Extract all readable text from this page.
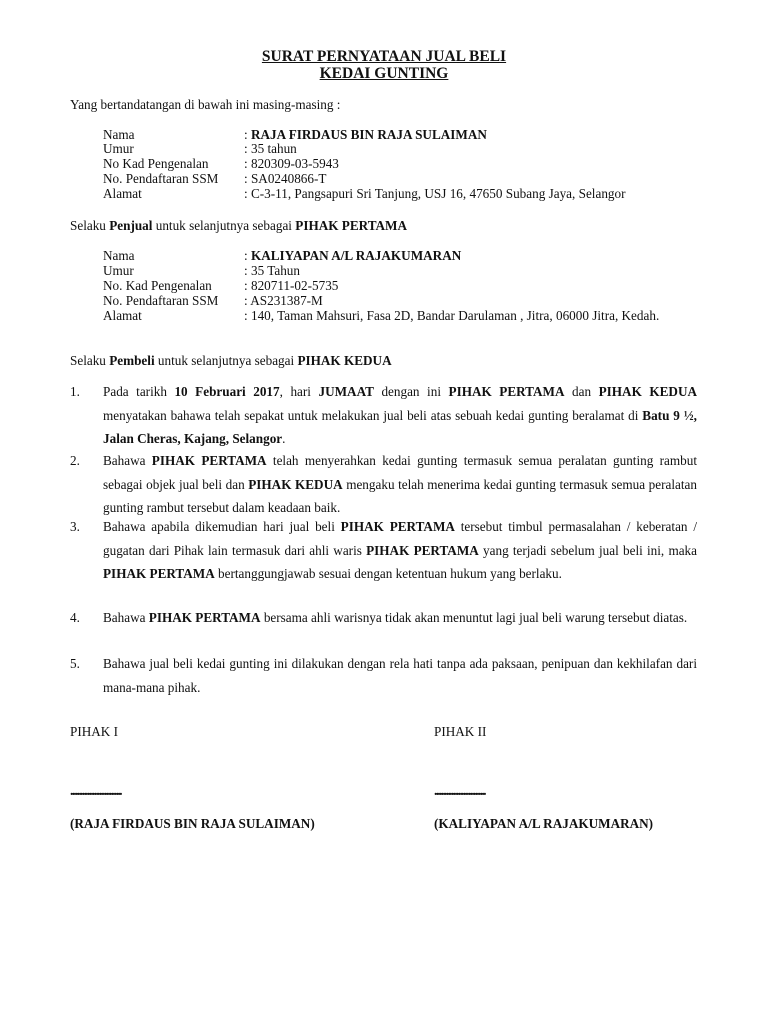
SURAT PERNYATAAN JUAL BELI
KEDAI GUNTING
Yang bertandatangan di bawah ini masing-masing :
Nama	: RAJA FIRDAUS BIN RAJA SULAIMAN
Umur	: 35 tahun
No Kad Pengenalan	: 820309-03-5943
No. Pendaftaran SSM : SA0240866-T
Alamat	: C-3-11, Pangsapuri Sri Tanjung, USJ 16, 47650 Subang Jaya, Selangor
Selaku Penjual untuk selanjutnya sebagai PIHAK PERTAMA
Nama	: KALIYAPAN A/L RAJAKUMARAN
Umur	: 35 Tahun
No. Kad Pengenalan : 820711-02-5735
No. Pendaftaran SSM : AS231387-M
Alamat	: 140, Taman Mahsuri, Fasa 2D, Bandar Darulaman , Jitra, 06000 Jitra, Kedah.
Selaku Pembeli untuk selanjutnya sebagai PIHAK KEDUA
1. Pada tarikh 10 Februari 2017, hari JUMAAT dengan ini PIHAK PERTAMA dan PIHAK KEDUA menyatakan bahawa telah sepakat untuk melakukan jual beli atas sebuah kedai gunting beralamat di Batu 9 ½, Jalan Cheras, Kajang, Selangor.
2. Bahawa PIHAK PERTAMA telah menyerahkan kedai gunting termasuk semua peralatan gunting rambut sebagai objek jual beli dan PIHAK KEDUA mengaku telah menerima kedai gunting termasuk semua peralatan gunting rambut tersebut dalam keadaan baik.
3. Bahawa apabila dikemudian hari jual beli PIHAK PERTAMA tersebut timbul permasalahan / keberatan / gugatan dari Pihak lain termasuk dari ahli waris PIHAK PERTAMA yang terjadi sebelum jual beli ini, maka PIHAK PERTAMA bertanggungjawab sesuai dengan ketentuan hukum yang berlaku.
4. Bahawa PIHAK PERTAMA bersama ahli warisnya tidak akan menuntut lagi jual beli warung tersebut diatas.
5. Bahawa jual beli kedai gunting ini dilakukan dengan rela hati tanpa ada paksaan, penipuan dan kekhilafan dari mana-mana pihak.
PIHAK I	PIHAK II
..............................	..............................
(RAJA FIRDAUS BIN RAJA SULAIMAN)	(KALIYAPAN A/L RAJAKUMARAN)
